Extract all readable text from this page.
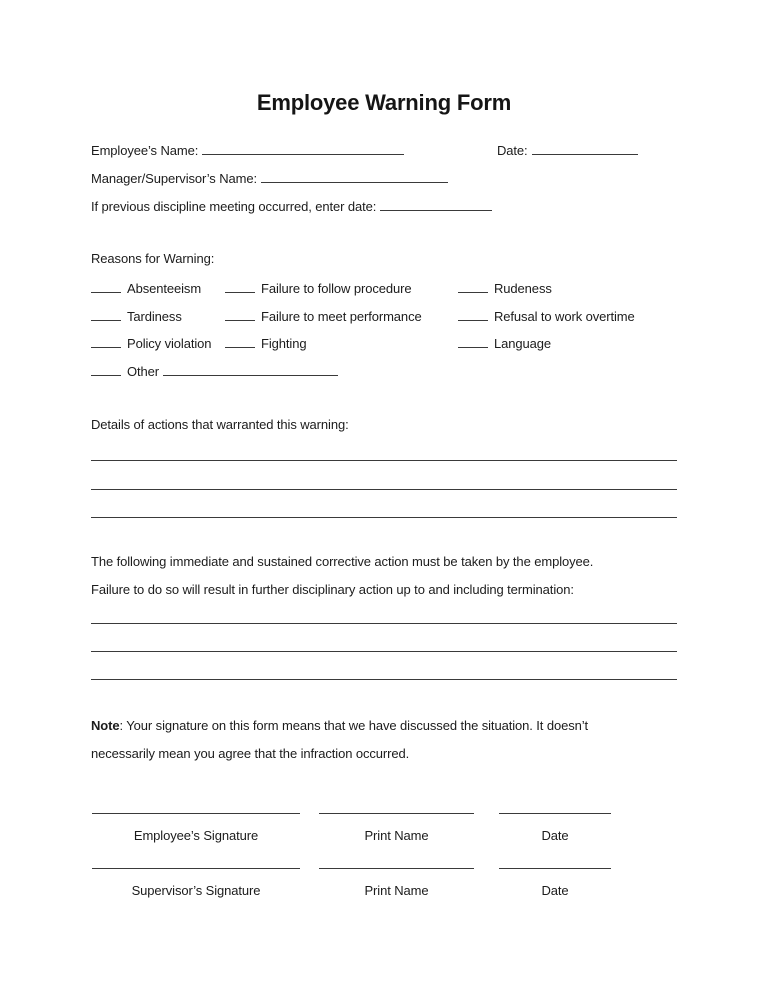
Employee Warning Form
Employee’s Name:	Date:
Manager/Supervisor’s Name:
If previous discipline meeting occurred, enter date:
Reasons for Warning:
Absenteeism	Failure to follow procedure	Rudeness
Tardiness	Failure to meet performance	Refusal to work overtime
Policy violation	Fighting	Language
Other
Details of actions that warranted this warning:
The following immediate and sustained corrective action must be taken by the employee.
Failure to do so will result in further disciplinary action up to and including termination:
Note: Your signature on this form means that we have discussed the situation. It doesn’t
necessarily mean you agree that the infraction occurred.
Employee’s Signature	Print Name	Date
Supervisor’s Signature	Print Name	Date
